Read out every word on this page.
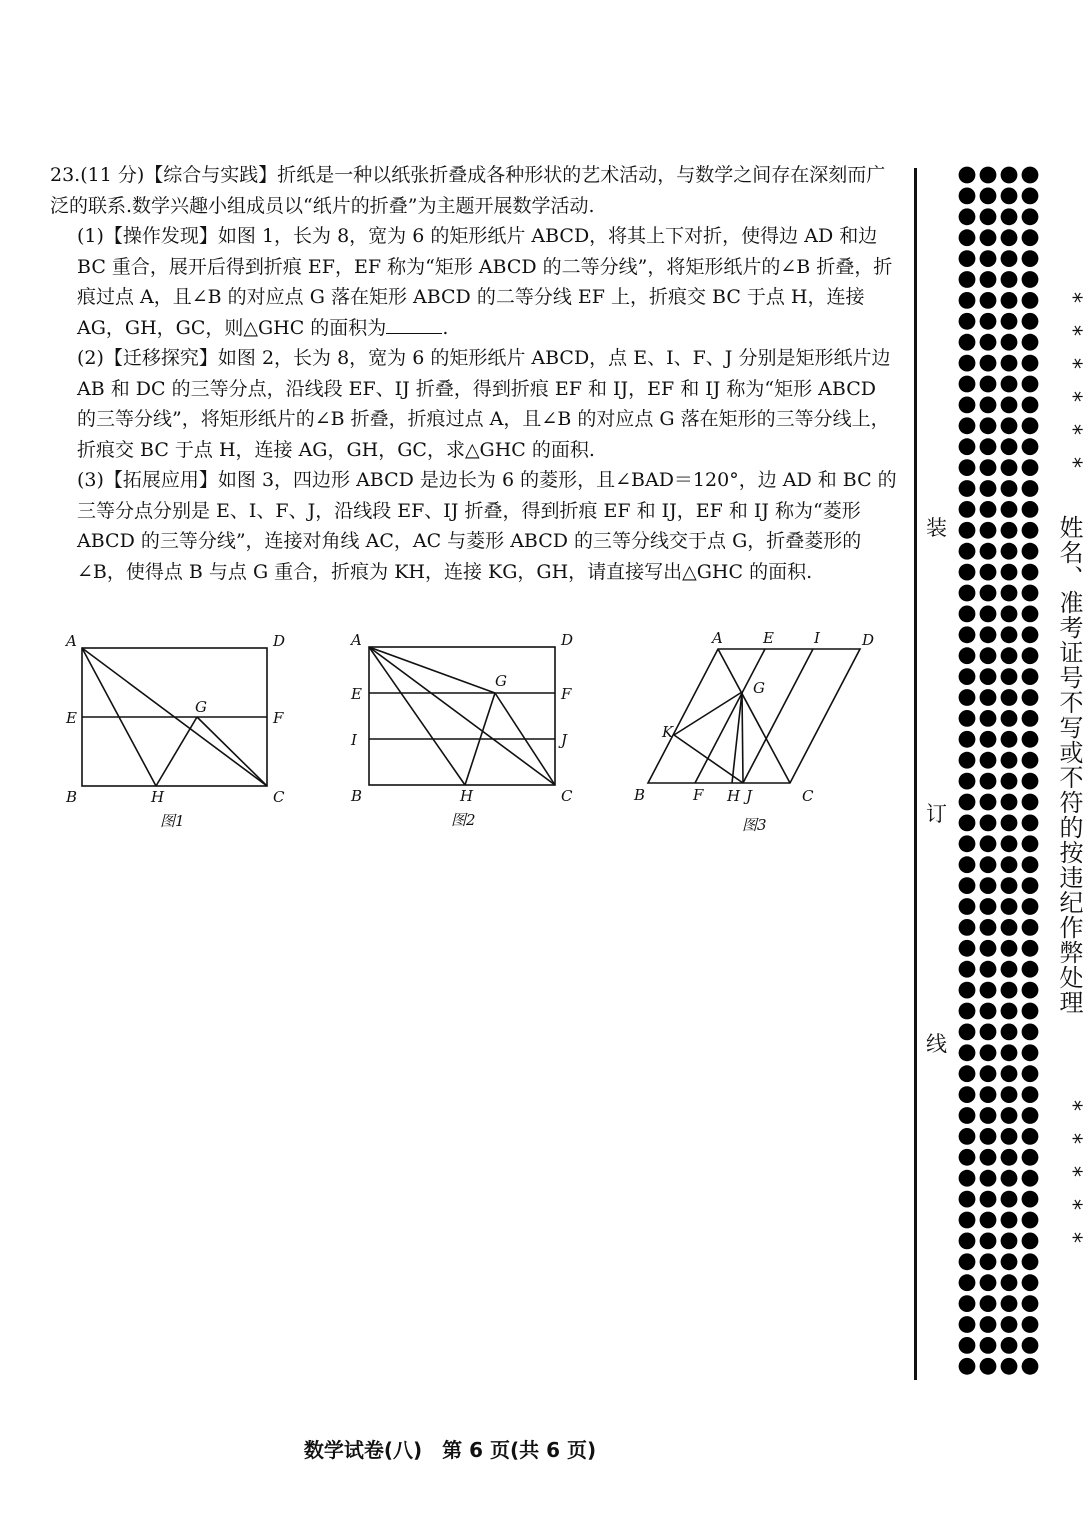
23.(11 分)【综合与实践】折纸是一种以纸张折叠成各种形状的艺术活动，与数学之间存在深刻而广泛的联系.数学兴趣小组成员以“纸片的折叠”为主题开展数学活动.

(1)【操作发现】如图 1，长为 8，宽为 6 的矩形纸片 ABCD，将其上下对折，使得边 AD 和边 BC 重合，展开后得到折痕 EF，EF 称为“矩形 ABCD 的二等分线”，将矩形纸片的∠B 折叠，折痕过点 A，且∠B 的对应点 G 落在矩形 ABCD 的二等分线 EF 上，折痕交 BC 于点 H，连接 AG，GH，GC，则△GHC 的面积为	.

(2)【迁移探究】如图 2，长为 8，宽为 6 的矩形纸片 ABCD，点 E、I、F、J 分别是矩形纸片边 AB 和 DC 的三等分点，沿线段 EF、IJ 折叠，得到折痕 EF 和 IJ，EF 和 IJ 称为“矩形 ABCD 的三等分线”，将矩形纸片的∠B 折叠，折痕过点 A，且∠B 的对应点 G 落在矩形的三等分线上，折痕交 BC 于点 H，连接 AG，GH，GC，求△GHC 的面积.

(3)【拓展应用】如图 3，四边形 ABCD 是边长为 6 的菱形，且∠BAD＝120°，边 AD 和 BC 的三等分点分别是 E、I、F、J，沿线段 EF、IJ 折叠，得到折痕 EF 和 IJ，EF 和 IJ 称为“菱形 ABCD 的三等分线”，连接对角线 AC，AC 与菱形 ABCD 的三等分线交于点 G，折叠菱形的∠B，使得点 B 与点 G 重合，折痕为 KH，连接 KG，GH，请直接写出△GHC 的面积.

A	D
E	F
G
B	H	C
图1
A	D
E	F
G
I	J
B	H	C
图2
A	E	I	D
G
K
B	F H J	C
图3
装
订
线
******
姓名、准考证号不写或不符的按违纪作弊处理
*****
数学试卷(八)　第 6 页(共 6 页)
